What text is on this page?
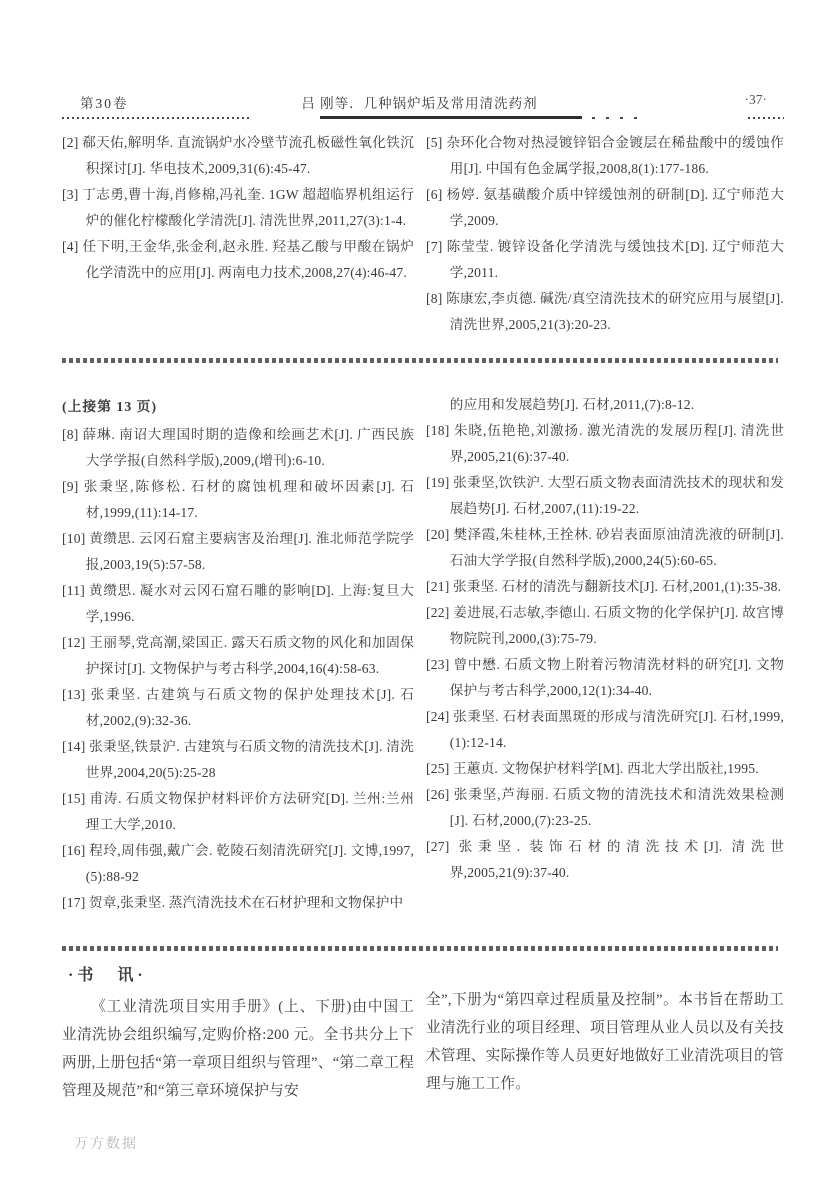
第30卷	吕 刚等．几种锅炉垢及常用清洗药剂	·37·

[2] 郗天佑,解明华. 直流锅炉水冷壁节流孔板磁性氧化铁沉积探讨[J]. 华电技术,2009,31(6):45-47.

[3] 丁志勇,曹十海,肖修棉,冯礼奎. 1GW 超超临界机组运行炉的催化柠檬酸化学清洗[J]. 清洗世界,2011,27(3):1-4.

[4] 任下明,王金华,张金利,赵永胜. 羟基乙酸与甲酸在锅炉化学清洗中的应用[J]. 两南电力技术,2008,27(4):46-47.

[5] 杂环化合物对热浸镀锌铝合金镀层在稀盐酸中的缓蚀作用[J]. 中国有色金属学报,2008,8(1):177-186.

[6] 杨婷. 氨基磺酸介质中锌缓蚀剂的研制[D]. 辽宁师范大学,2009.

[7] 陈莹莹. 镀锌设备化学清洗与缓蚀技术[D]. 辽宁师范大学,2011.

[8] 陈康宏,李贞德. 碱洗/真空清洗技术的研究应用与展望[J]. 清洗世界,2005,21(3):20-23.

(上接第 13 页)

[8] 薛琳. 南诏大理国时期的造像和绘画艺术[J]. 广西民族大学学报(自然科学版),2009,(增刊):6-10.

[9] 张秉坚,陈修松. 石材的腐蚀机理和破坏因素[J]. 石材,1999,(11):14-17.

[10] 黄缵思. 云冈石窟主要病害及治理[J]. 淮北师范学院学报,2003,19(5):57-58.

[11] 黄缵思. 凝水对云冈石窟石雕的影响[D]. 上海:复旦大学,1996.

[12] 王丽琴,党高潮,梁国正. 露天石质文物的风化和加固保护探讨[J]. 文物保护与考古科学,2004,16(4):58-63.

[13] 张秉坚. 古建筑与石质文物的保护处理技术[J]. 石材,2002,(9):32-36.

[14] 张秉坚,铁景沪. 古建筑与石质文物的清洗技术[J]. 清洗世界,2004,20(5):25-28

[15] 甫涛. 石质文物保护材料评价方法研究[D]. 兰州:兰州理工大学,2010.

[16] 程玲,周伟强,戴广会. 乾陵石刻清洗研究[J]. 文博,1997,(5):88-92

[17] 贺章,张秉坚. 蒸汽清洗技术在石材护理和文物保护中

的应用和发展趋势[J]. 石材,2011,(7):8-12.

[18] 朱晓,伍艳艳,刘激扬. 激光清洗的发展历程[J]. 清洗世界,2005,21(6):37-40.

[19] 张秉坚,饮铁沪. 大型石质文物表面清洗技术的现状和发展趋势[J]. 石材,2007,(11):19-22.

[20] 樊泽霞,朱桂林,王拴林. 砂岩表面原油清洗液的研制[J]. 石油大学学报(自然科学版),2000,24(5):60-65.

[21] 张秉坚. 石材的清洗与翻新技术[J]. 石材,2001,(1):35-38.

[22] 姜进展,石志敏,李德山. 石质文物的化学保护[J]. 故宫博物院院刊,2000,(3):75-79.

[23] 曾中懋. 石质文物上附着污物清洗材料的研究[J]. 文物保护与考古科学,2000,12(1):34-40.

[24] 张秉坚. 石材表面黑斑的形成与清洗研究[J]. 石材,1999,(1):12-14.

[25] 王蕙贞. 文物保护材料学[M]. 西北大学出版社,1995.

[26] 张秉坚,芦海丽. 石质文物的清洗技术和清洗效果检测[J]. 石材,2000,(7):23-25.

[27] 张秉坚. 装饰石材的清洗技术[J]. 清洗世界,2005,21(9):37-40.

·书　讯·

《工业清洗项目实用手册》(上、下册)由中国工业清洗协会组织编写,定购价格:200 元。全书共分上下两册,上册包括“第一章项目组织与管理”、“第二章工程管理及规范”和“第三章环境保护与安

全”,下册为“第四章过程质量及控制”。本书旨在帮助工业清洗行业的项目经理、项目管理从业人员以及有关技术管理、实际操作等人员更好地做好工业清洗项目的管理与施工工作。

万方数据
